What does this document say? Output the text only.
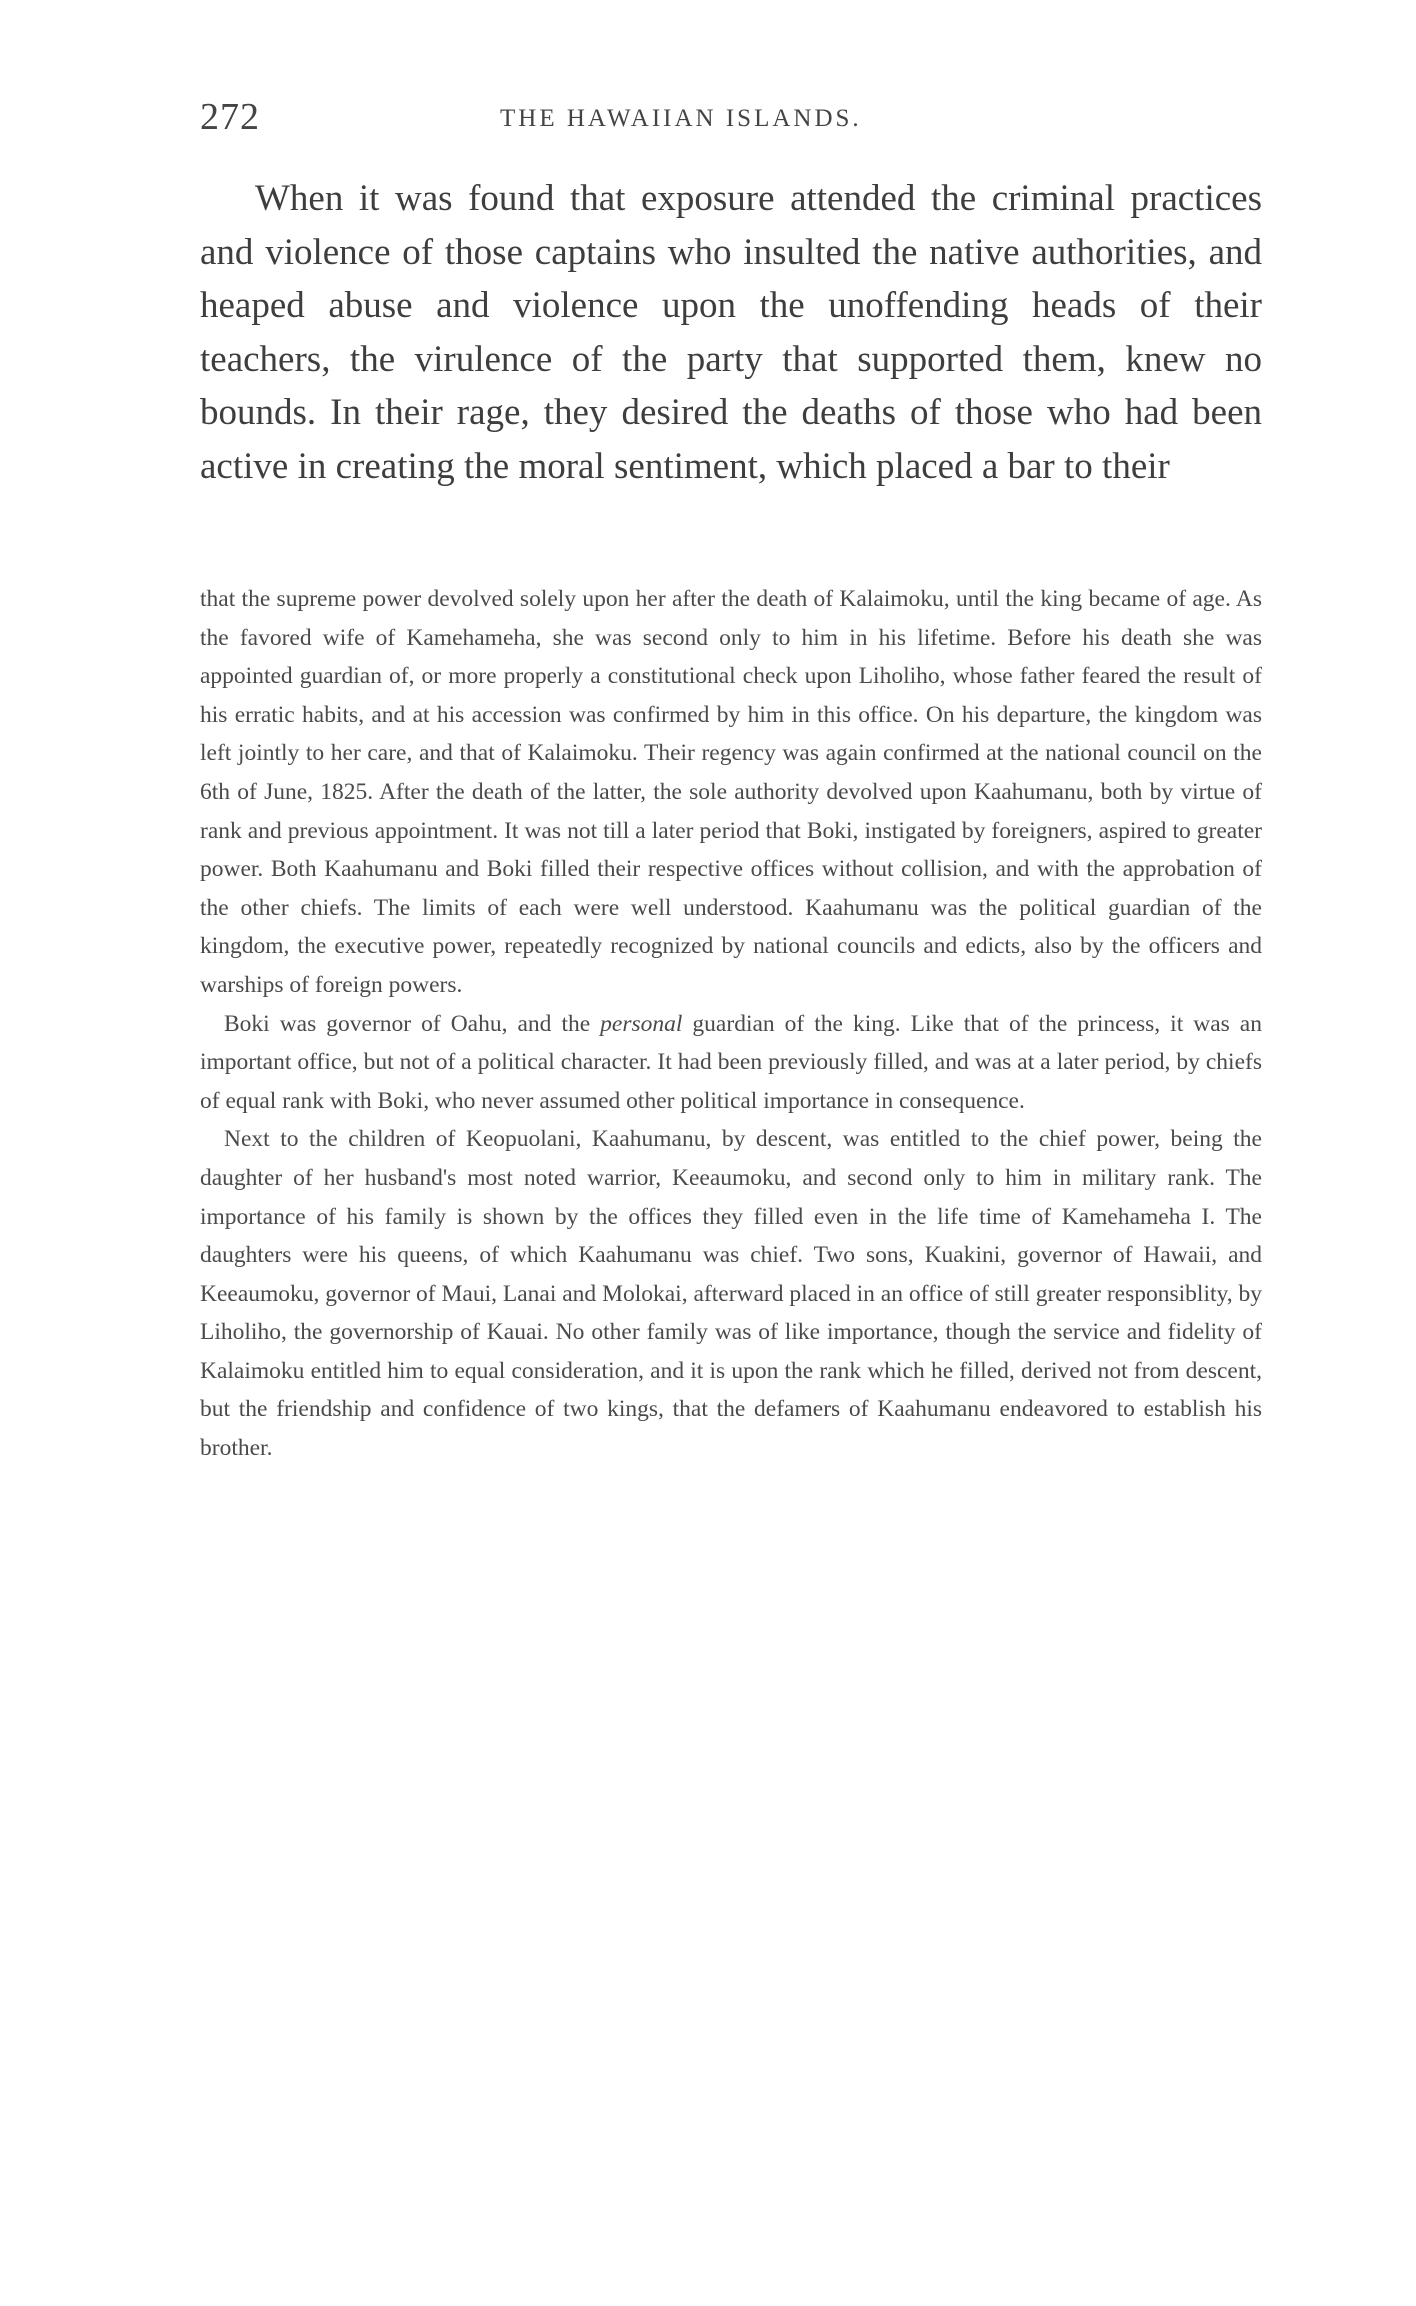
272	THE HAWAIIAN ISLANDS.

When it was found that exposure attended the criminal practices and violence of those captains who insulted the native authorities, and heaped abuse and violence upon the unoffending heads of their teachers, the virulence of the party that supported them, knew no bounds. In their rage, they desired the deaths of those who had been active in creating the moral sentiment, which placed a bar to their

that the supreme power devolved solely upon her after the death of Kalaimoku, until the king became of age. As the favored wife of Kamehameha, she was second only to him in his lifetime. Before his death she was appointed guardian of, or more properly a constitutional check upon Liholiho, whose father feared the result of his erratic habits, and at his accession was confirmed by him in this office. On his departure, the kingdom was left jointly to her care, and that of Kalaimoku. Their regency was again confirmed at the national council on the 6th of June, 1825. After the death of the latter, the sole authority devolved upon Kaahumanu, both by virtue of rank and previous appointment. It was not till a later period that Boki, instigated by foreigners, aspired to greater power. Both Kaahumanu and Boki filled their respective offices without collision, and with the approbation of the other chiefs. The limits of each were well understood. Kaahumanu was the political guardian of the kingdom, the executive power, repeatedly recognized by national councils and edicts, also by the officers and warships of foreign powers.

Boki was governor of Oahu, and the personal guardian of the king. Like that of the princess, it was an important office, but not of a political character. It had been previously filled, and was at a later period, by chiefs of equal rank with Boki, who never assumed other political importance in consequence.

Next to the children of Keopuolani, Kaahumanu, by descent, was entitled to the chief power, being the daughter of her husband's most noted warrior, Keeaumoku, and second only to him in military rank. The importance of his family is shown by the offices they filled even in the life time of Kamehameha I. The daughters were his queens, of which Kaahumanu was chief. Two sons, Kuakini, governor of Hawaii, and Keeaumoku, governor of Maui, Lanai and Molokai, afterward placed in an office of still greater responsiblity, by Liholiho, the governorship of Kauai. No other family was of like importance, though the service and fidelity of Kalaimoku entitled him to equal consideration, and it is upon the rank which he filled, derived not from descent, but the friendship and confidence of two kings, that the defamers of Kaahumanu endeavored to establish his brother.
